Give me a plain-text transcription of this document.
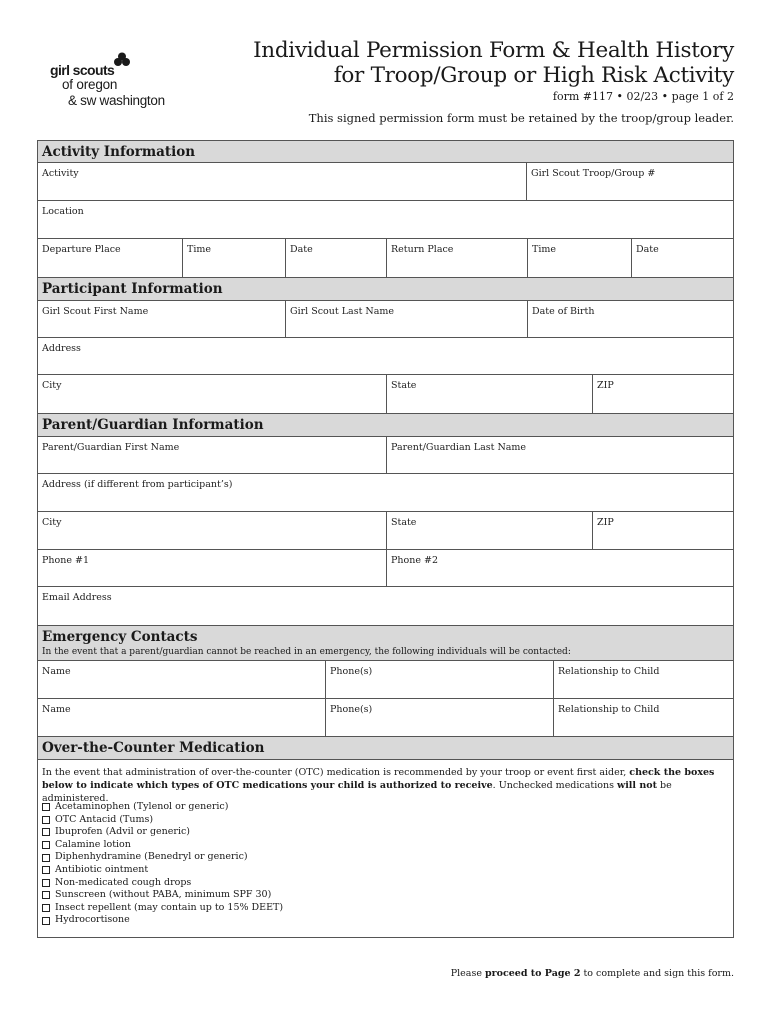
girl scouts
of oregon
& sw washington
Individual Permission Form & Health History
for Troop/Group or High Risk Activity
form #117 • 02/23 • page 1 of 2
This signed permission form must be retained by the troop/group leader.
Activity Information
Activity	Girl Scout Troop/Group #
Location
Departure Place	Time	Date	Return Place	Time	Date
Participant Information
Girl Scout First Name	Girl Scout Last Name	Date of Birth
Address
City	State	ZIP
Parent/Guardian Information
Parent/Guardian First Name	Parent/Guardian Last Name
Address (if different from participant’s)
City	State	ZIP
Phone #1	Phone #2
Email Address
Emergency Contacts
In the event that a parent/guardian cannot be reached in an emergency, the following individuals will be contacted:
Name	Phone(s)	Relationship to Child
Name	Phone(s)	Relationship to Child
Over-the-Counter Medication
In the event that administration of over-the-counter (OTC) medication is recommended by your troop or event first aider, check the boxes below to indicate which types of OTC medications your child is authorized to receive. Unchecked medications will not be administered.
Acetaminophen (Tylenol or generic)
OTC Antacid (Tums)
Ibuprofen (Advil or generic)
Calamine lotion
Diphenhydramine (Benedryl or generic)
Antibiotic ointment
Non-medicated cough drops
Sunscreen (without PABA, minimum SPF 30)
Insect repellent (may contain up to 15% DEET)
Hydrocortisone
Please proceed to Page 2 to complete and sign this form.
